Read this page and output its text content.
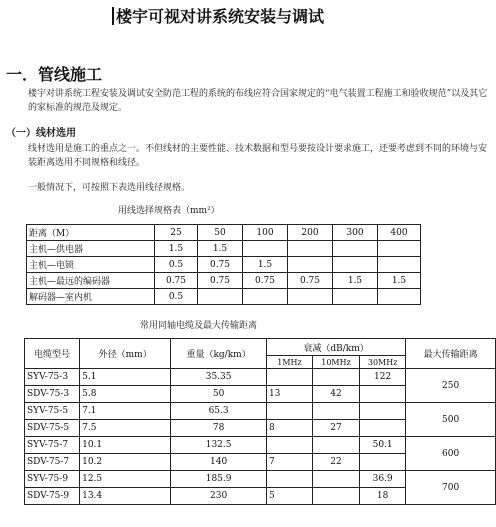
楼宇可视对讲系统安装与调试
一．管线施工
楼宇对讲系统工程安装及调试安全防范工程的系统的布线应符合国家规定的“电气装置工程施工和验收规范”以及其它的家标准的规范及规定。
（一）线材选用
线材选用是施工的重点之一。不但线材的主要性能、技术数据和型号要按设计要求施工，还要考虑到不同的环境与安装距离选用不同规格和线径。
一般情况下，可按照下表选用线径规格。
用线选择规格表（mm²）
距离（M）	25	50	100	200	300	400
主机—供电器	1.5	1.5				
主机—电锁	0.5	0.75	1.5			
主机—最远的编码器	0.75	0.75	0.75	0.75	1.5	1.5
解码器—室内机	0.5					
常用同轴电缆及最大传输距离
电缆型号	外径（mm）	重量（kg/km）	衰减（dB/km）			最大传输距离
			1MHz	10MHz	30MHz	
SYV-75-3	5.1	35.35			122	250
SDV-75-3	5.8	50	13	42		
SYV-75-5	7.1	65.3				500
SDV-75-5	7.5	78	8	27		
SYV-75-7	10.1	132.5			50.1	600
SDV-75-7	10.2	140	7	22		
SYV-75-9	12.5	185.9			36.9	700
SDV-75-9	13.4	230	5		18	
